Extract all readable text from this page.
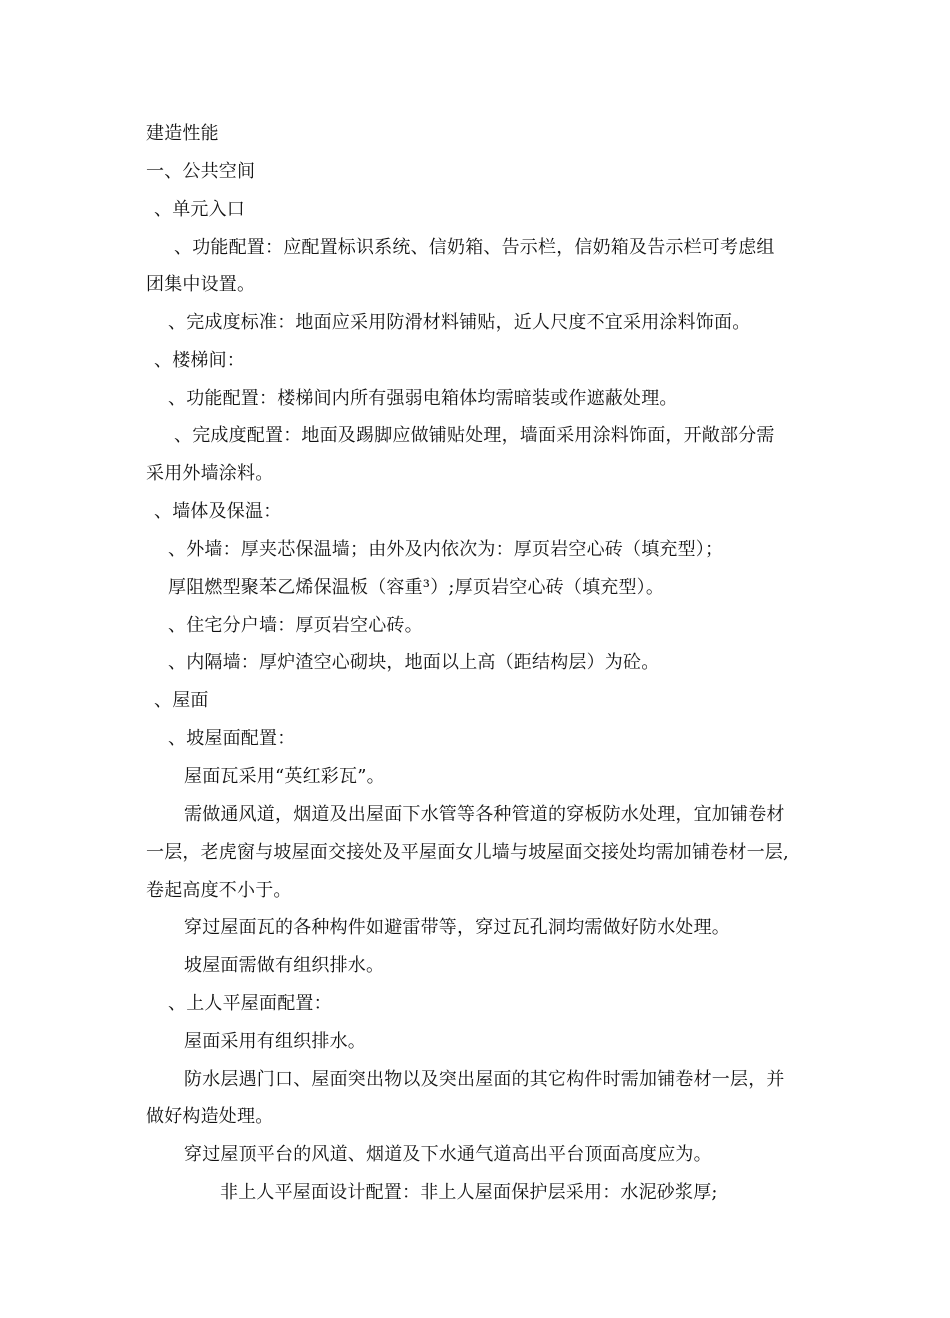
建造性能
一、公共空间
、单元入口
、功能配置：应配置标识系统、信奶箱、告示栏，信奶箱及告示栏可考虑组
团集中设置。
、完成度标准：地面应采用防滑材料铺贴，近人尺度不宜采用涂料饰面。
、楼梯间：
、功能配置：楼梯间内所有强弱电箱体均需暗装或作遮蔽处理。
、完成度配置：地面及踢脚应做铺贴处理，墙面采用涂料饰面，开敞部分需
采用外墙涂料。
、墙体及保温：
、外墙：厚夹芯保温墙；由外及内依次为：厚页岩空心砖（填充型）；
厚阻燃型聚苯乙烯保温板（容重³）;厚页岩空心砖（填充型）。
、住宅分户墙：厚页岩空心砖。
、内隔墙：厚炉渣空心砌块，地面以上高（距结构层）为砼。
、屋面
、坡屋面配置：
屋面瓦采用“英红彩瓦”。
需做通风道，烟道及出屋面下水管等各种管道的穿板防水处理，宜加铺卷材
一层，老虎窗与坡屋面交接处及平屋面女儿墙与坡屋面交接处均需加铺卷材一层,
卷起高度不小于。
穿过屋面瓦的各种构件如避雷带等，穿过瓦孔洞均需做好防水处理。
坡屋面需做有组织排水。
、上人平屋面配置：
屋面采用有组织排水。
防水层遇门口、屋面突出物以及突出屋面的其它构件时需加铺卷材一层，并
做好构造处理。
穿过屋顶平台的风道、烟道及下水通气道高出平台顶面高度应为。
非上人平屋面设计配置：非上人屋面保护层采用：水泥砂浆厚;
